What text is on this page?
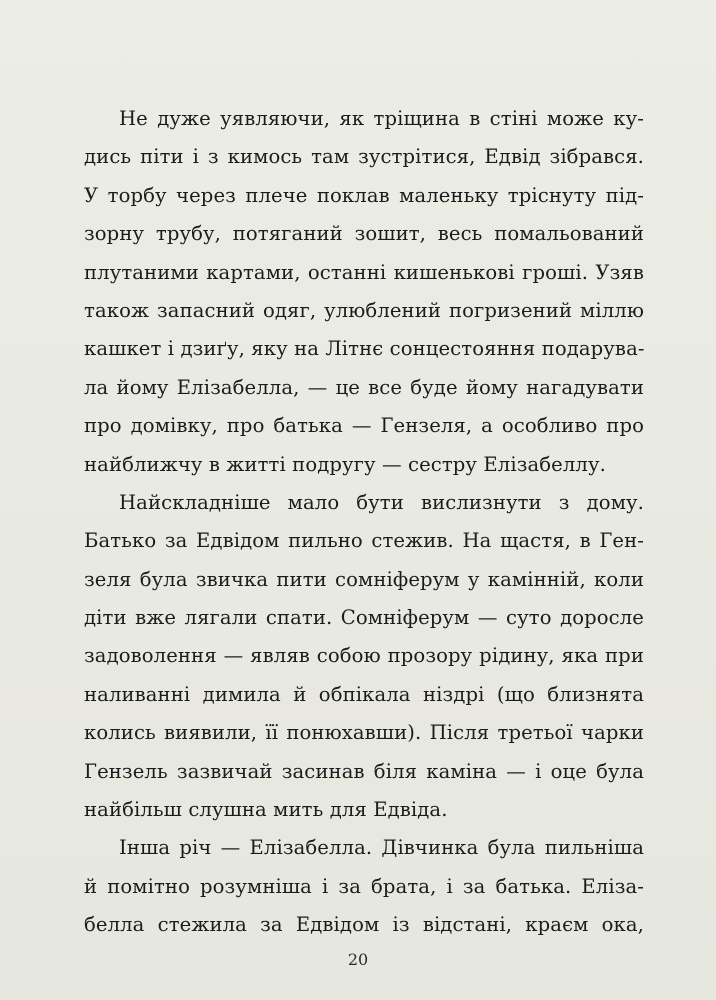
Не дуже уявляючи, як тріщина в стіні може ку-
дись піти і з кимось там зустрітися, Едвід зібрався.
У торбу через плече поклав маленьку тріснуту під-
зорну трубу, потяганий зошит, весь помальований
плутаними картами, останні кишенькові гроші. Узяв
також запасний одяг, улюблений погризений міллю
кашкет і дзиґу, яку на Літнє сонцестояння подарува-
ла йому Елізабелла, — це все буде йому нагадувати
про домівку, про батька — Гензеля, а особливо про
найближчу в житті подругу — сестру Елізабеллу.

Найскладніше мало бути вислизнути з дому.
Батько за Едвідом пильно стежив. На щастя, в Ген-
зеля була звичка пити сомніферум у камінній, коли
діти вже лягали спати. Сомніферум — суто доросле
задоволення — являв собою прозору рідину, яка при
наливанні димила й обпікала ніздрі (що близнята
колись виявили, її понюхавши). Після третьої чарки
Гензель зазвичай засинав біля каміна — і оце була
найбільш слушна мить для Едвіда.

Інша річ — Елізабелла. Дівчинка була пильніша
й помітно розумніша і за брата, і за батька. Еліза-
белла стежила за Едвідом із відстані, краєм ока,

20
